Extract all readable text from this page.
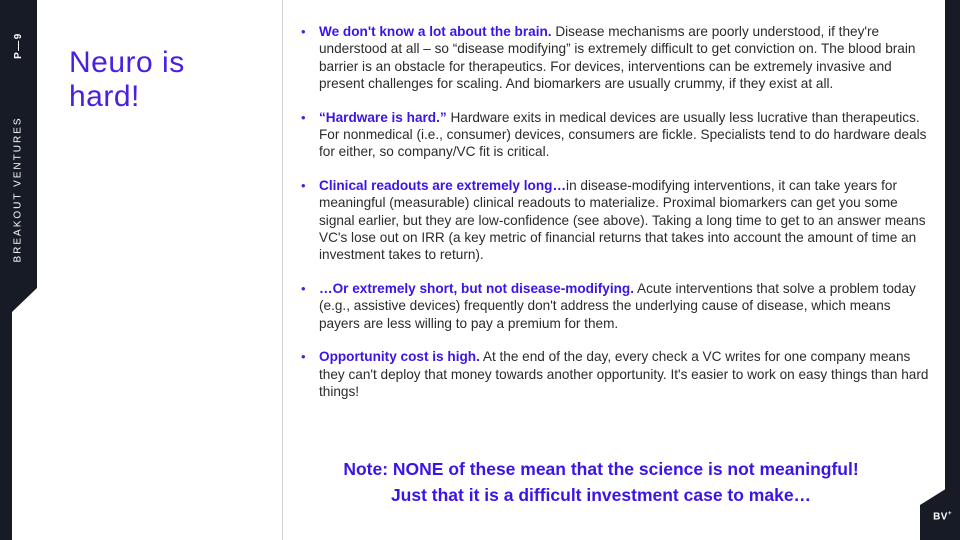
P—9
BREAKOUT VENTURES
BV+
Neuro is hard!
• We don't know a lot about the brain. Disease mechanisms are poorly understood, if they're understood at all – so “disease modifying” is extremely difficult to get conviction on. The blood brain barrier is an obstacle for therapeutics. For devices, interventions can be extremely invasive and present challenges for scaling. And biomarkers are usually crummy, if they exist at all.
• “Hardware is hard.” Hardware exits in medical devices are usually less lucrative than therapeutics. For nonmedical (i.e., consumer) devices, consumers are fickle. Specialists tend to do hardware deals for either, so company/VC fit is critical.
• Clinical readouts are extremely long…in disease-modifying interventions, it can take years for meaningful (measurable) clinical readouts to materialize. Proximal biomarkers can get you some signal earlier, but they are low-confidence (see above). Taking a long time to get to an answer means VC's lose out on IRR (a key metric of financial returns that takes into account the amount of time an investment takes to return).
• …Or extremely short, but not disease-modifying. Acute interventions that solve a problem today (e.g., assistive devices) frequently don't address the underlying cause of disease, which means payers are less willing to pay a premium for them.
• Opportunity cost is high. At the end of the day, every check a VC writes for one company means they can't deploy that money towards another opportunity. It's easier to work on easy things than hard things!
Note: NONE of these mean that the science is not meaningful!
Just that it is a difficult investment case to make…
